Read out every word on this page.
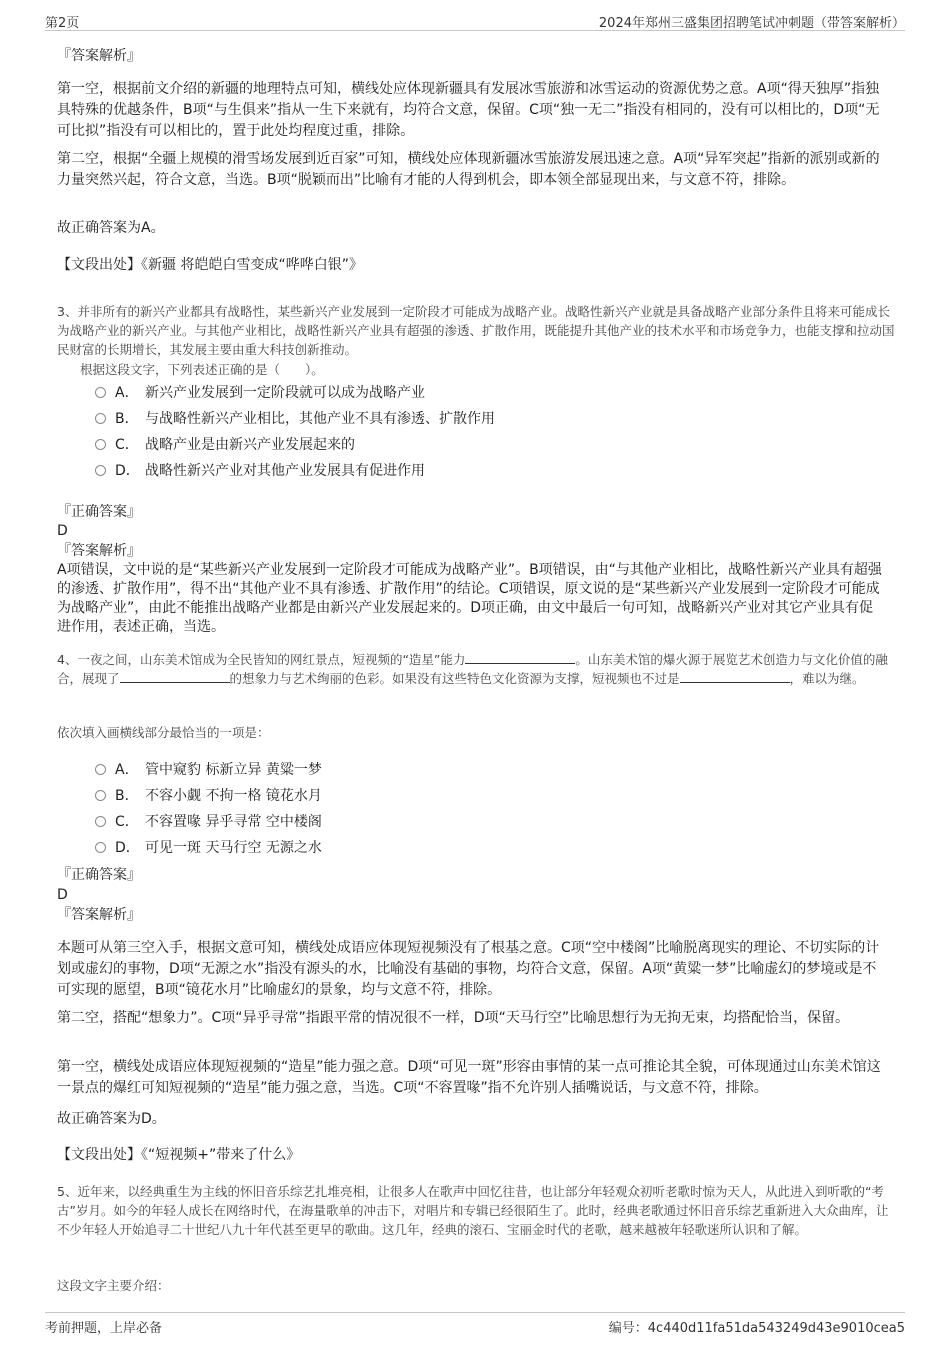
第2页	2024年郑州三盛集团招聘笔试冲刺题（带答案解析）
『答案解析』
第一空，根据前文介绍的新疆的地理特点可知，横线处应体现新疆具有发展冰雪旅游和冰雪运动的资源优势之意。A项“得天独厚”指独具特殊的优越条件，B项“与生俱来”指从一生下来就有，均符合文意，保留。C项“独一无二”指没有相同的，没有可以相比的，D项“无可比拟”指没有可以相比的，置于此处均程度过重，排除。
第二空，根据“全疆上规模的滑雪场发展到近百家”可知，横线处应体现新疆冰雪旅游发展迅速之意。A项“异军突起”指新的派别或新的力量突然兴起，符合文意，当选。B项“脱颖而出”比喻有才能的人得到机会，即本领全部显现出来，与文意不符，排除。
故正确答案为A。
【文段出处】《新疆 将皑皑白雪变成“哗哗白银”》
3、并非所有的新兴产业都具有战略性，某些新兴产业发展到一定阶段才可能成为战略产业。战略性新兴产业就是具备战略产业部分条件且将来可能成长为战略产业的新兴产业。与其他产业相比，战略性新兴产业具有超强的渗透、扩散作用，既能提升其他产业的技术水平和市场竞争力，也能支撑和拉动国民财富的长期增长，其发展主要由重大科技创新推动。
根据这段文字，下列表述正确的是（　　）。
A． 新兴产业发展到一定阶段就可以成为战略产业
B． 与战略性新兴产业相比，其他产业不具有渗透、扩散作用
C． 战略产业是由新兴产业发展起来的
D． 战略性新兴产业对其他产业发展具有促进作用
『正确答案』
D
『答案解析』
A项错误，文中说的是“某些新兴产业发展到一定阶段才可能成为战略产业”。B项错误，由“与其他产业相比，战略性新兴产业具有超强的渗透、扩散作用”，得不出“其他产业不具有渗透、扩散作用”的结论。C项错误，原文说的是“某些新兴产业发展到一定阶段才可能成为战略产业”，由此不能推出战略产业都是由新兴产业发展起来的。D项正确，由文中最后一句可知，战略新兴产业对其它产业具有促进作用，表述正确，当选。
4、一夜之间，山东美术馆成为全民皆知的网红景点，短视频的“造星”能力	。山东美术馆的爆火源于展览艺术创造力与文化价值的融合，展现了	的想象力与艺术绚丽的色彩。如果没有这些特色文化资源为支撑，短视频也不过是	，难以为继。
依次填入画横线部分最恰当的一项是：
A． 管中窥豹 标新立异 黄粱一梦
B． 不容小觑 不拘一格 镜花水月
C． 不容置喙 异乎寻常 空中楼阁
D． 可见一斑 天马行空 无源之水
『正确答案』
D
『答案解析』
本题可从第三空入手，根据文意可知，横线处成语应体现短视频没有了根基之意。C项“空中楼阁”比喻脱离现实的理论、不切实际的计划或虚幻的事物，D项“无源之水”指没有源头的水，比喻没有基础的事物，均符合文意，保留。A项“黄粱一梦”比喻虚幻的梦境或是不可实现的愿望，B项“镜花水月”比喻虚幻的景象，均与文意不符，排除。
第二空，搭配“想象力”。C项“异乎寻常”指跟平常的情况很不一样，D项“天马行空”比喻思想行为无拘无束，均搭配恰当，保留。
第一空，横线处成语应体现短视频的“造星”能力强之意。D项“可见一斑”形容由事情的某一点可推论其全貌，可体现通过山东美术馆这一景点的爆红可知短视频的“造星”能力强之意，当选。C项“不容置喙”指不允许别人插嘴说话，与文意不符，排除。
故正确答案为D。
【文段出处】《“短视频+”带来了什么》
5、近年来，以经典重生为主线的怀旧音乐综艺扎堆亮相，让很多人在歌声中回忆往昔，也让部分年轻观众初听老歌时惊为天人，从此进入到听歌的“考古”岁月。如今的年轻人成长在网络时代，在海量歌单的冲击下，对唱片和专辑已经很陌生了。此时，经典老歌通过怀旧音乐综艺重新进入大众曲库，让不少年轻人开始追寻二十世纪八九十年代甚至更早的歌曲。这几年，经典的滚石、宝丽金时代的老歌，越来越被年轻歌迷所认识和了解。
这段文字主要介绍：
考前押题，上岸必备	编号：4c440d11fa51da543249d43e9010cea5
